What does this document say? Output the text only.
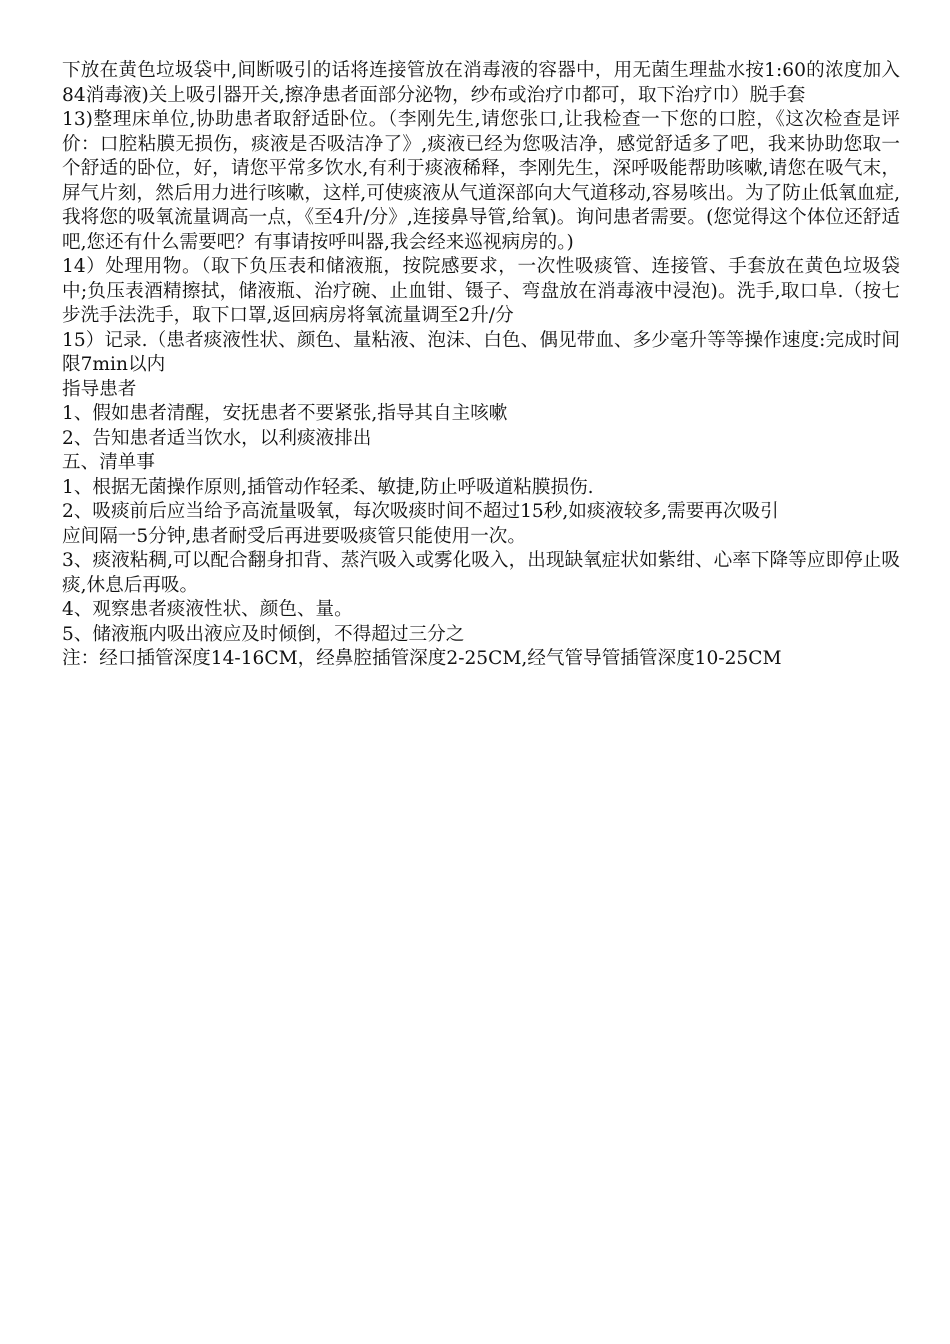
下放在黄色垃圾袋中,间断吸引的话将连接管放在消毒液的容器中，用无菌生理盐水按1:60的浓度加入84消毒液)关上吸引器开关,擦净患者面部分泌物，纱布或治疗巾都可，取下治疗巾）脱手套

13)整理床单位,协助患者取舒适卧位。（李刚先生,请您张口,让我检查一下您的口腔，《这次检查是评价：口腔粘膜无损伤，痰液是否吸洁净了》,痰液已经为您吸洁净，感觉舒适多了吧，我来协助您取一个舒适的卧位，好，请您平常多饮水,有利于痰液稀释，李刚先生，深呼吸能帮助咳嗽,请您在吸气末，屏气片刻，然后用力进行咳嗽，这样,可使痰液从气道深部向大气道移动,容易咳出。为了防止低氧血症,我将您的吸氧流量调高一点，《至4升/分》,连接鼻导管,给氧)。询问患者需要。(您觉得这个体位还舒适吧,您还有什么需要吧？有事请按呼叫器,我会经来巡视病房的。)

14）处理用物。（取下负压表和储液瓶，按院感要求，一次性吸痰管、连接管、手套放在黄色垃圾袋中;负压表酒精擦拭，储液瓶、治疗碗、止血钳、镊子、弯盘放在消毒液中浸泡)。洗手,取口阜.（按七步洗手法洗手，取下口罩,返回病房将氧流量调至2升/分

15）记录.（患者痰液性状、颜色、量粘液、泡沫、白色、偶见带血、多少毫升等等操作速度:完成时间限7min以内

指导患者

1、假如患者清醒，安抚患者不要紧张,指导其自主咳嗽

2、告知患者适当饮水，以利痰液排出

五、清单事

1、根据无菌操作原则,插管动作轻柔、敏捷,防止呼吸道粘膜损伤.

2、吸痰前后应当给予高流量吸氧，每次吸痰时间不超过15秒,如痰液较多,需要再次吸引

应间隔一5分钟,患者耐受后再进要吸痰管只能使用一次。

3、痰液粘稠,可以配合翻身扣背、蒸汽吸入或雾化吸入，出现缺氧症状如紫绀、心率下降等应即停止吸痰,休息后再吸。

4、观察患者痰液性状、颜色、量。

5、储液瓶内吸出液应及时倾倒，不得超过三分之

注：经口插管深度14-16CM，经鼻腔插管深度2-25CM,经气管导管插管深度10-25CM
